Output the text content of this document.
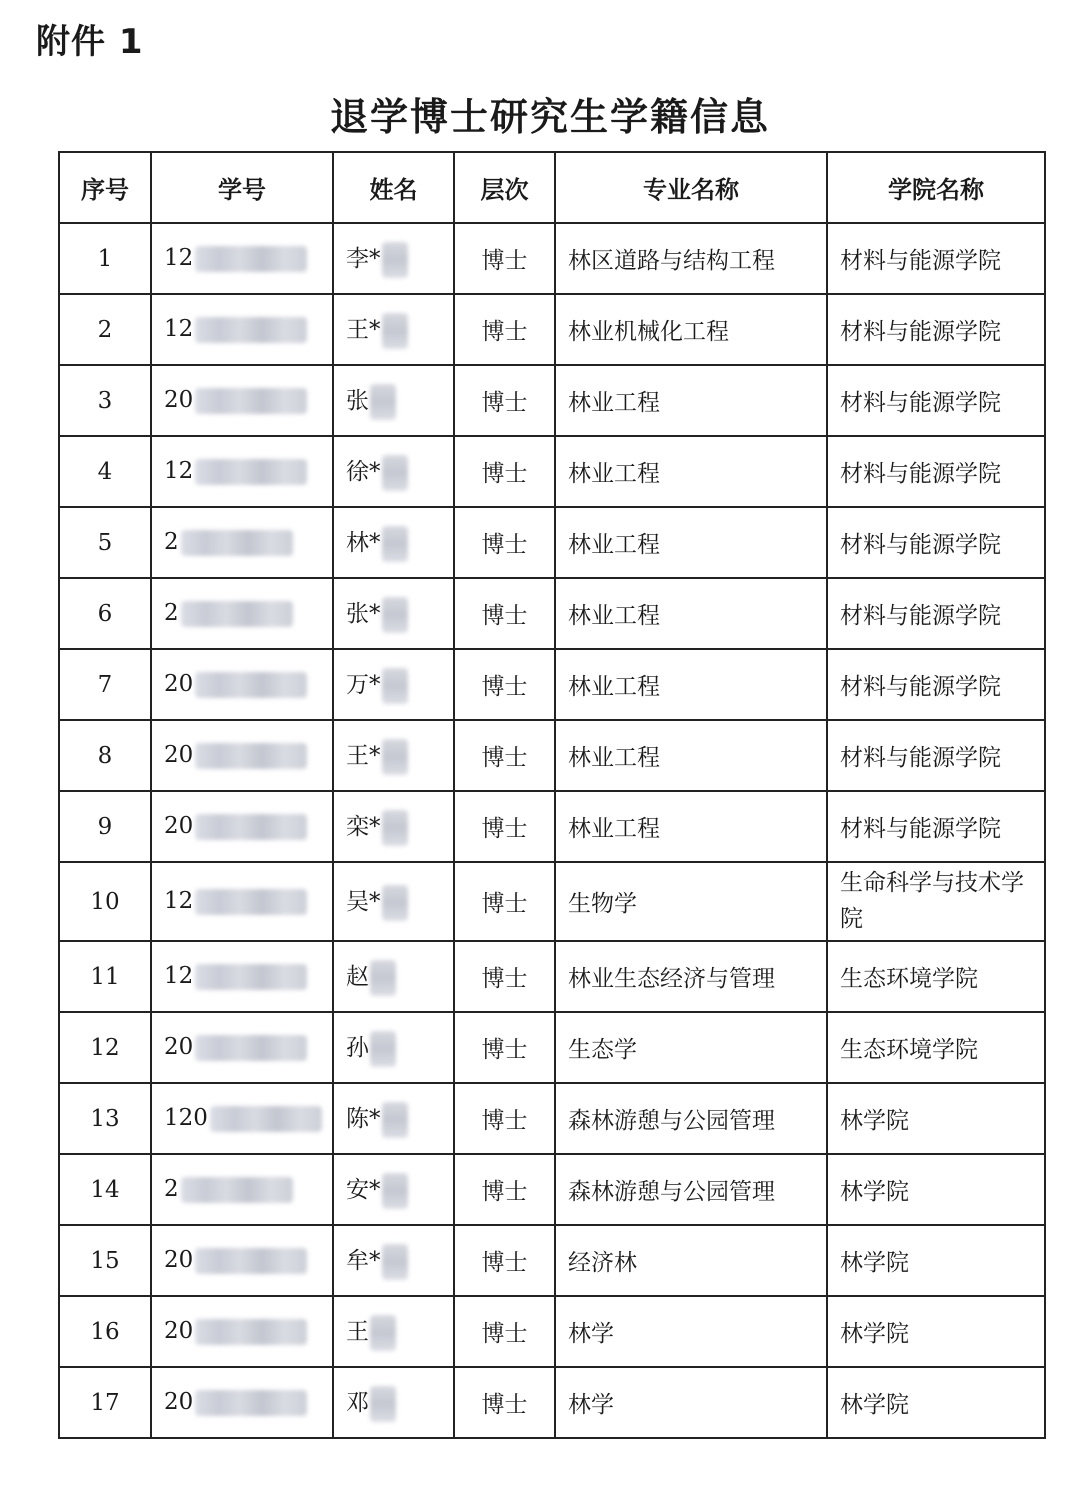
附件 1
退学博士研究生学籍信息
序号	学号	姓名	层次	专业名称	学院名称
1	12	李*	博士	林区道路与结构工程	材料与能源学院
2	12	王*	博士	林业机械化工程	材料与能源学院
3	20	张	博士	林业工程	材料与能源学院
4	12	徐*	博士	林业工程	材料与能源学院
5	2	林*	博士	林业工程	材料与能源学院
6	2	张*	博士	林业工程	材料与能源学院
7	20	万*	博士	林业工程	材料与能源学院
8	20	王*	博士	林业工程	材料与能源学院
9	20	栾*	博士	林业工程	材料与能源学院
10	12	吴*	博士	生物学	生命科学与技术学院
11	12	赵	博士	林业生态经济与管理	生态环境学院
12	20	孙	博士	生态学	生态环境学院
13	120	陈*	博士	森林游憩与公园管理	林学院
14	2	安*	博士	森林游憩与公园管理	林学院
15	20	牟*	博士	经济林	林学院
16	20	王	博士	林学	林学院
17	20	邓	博士	林学	林学院
